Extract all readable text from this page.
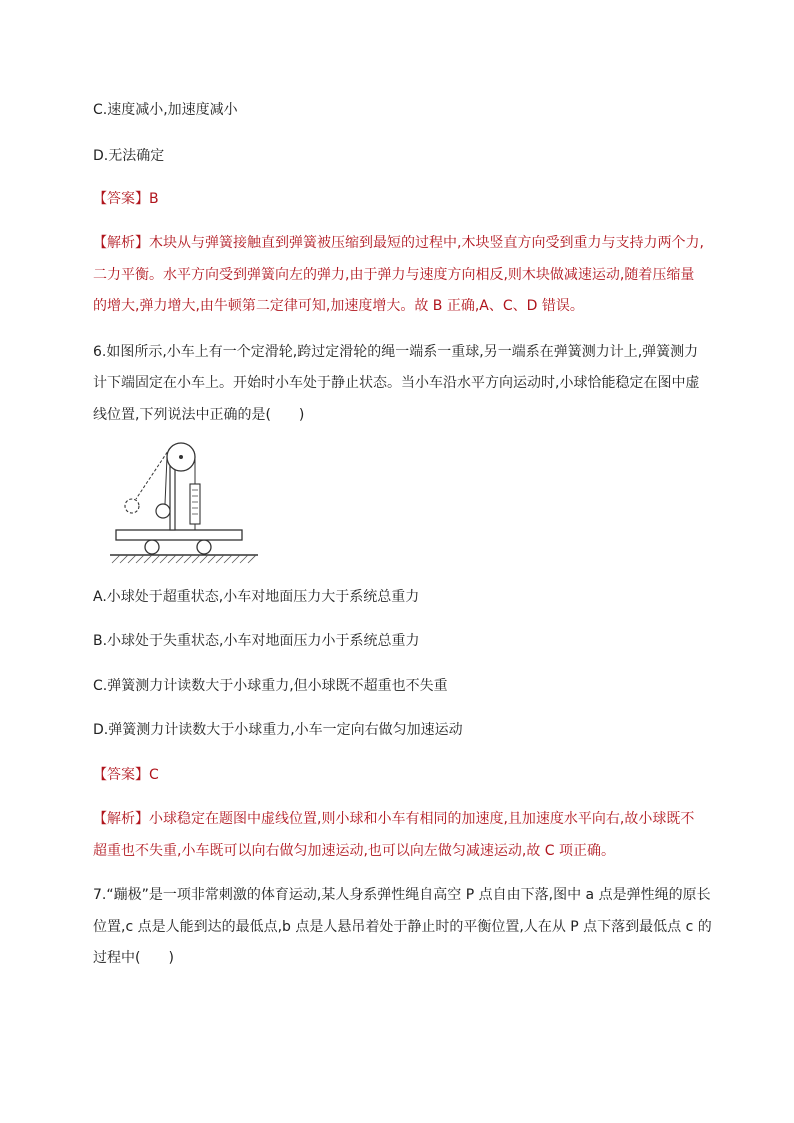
C.速度减小,加速度减小
D.无法确定
【答案】B
【解析】木块从与弹簧接触直到弹簧被压缩到最短的过程中,木块竖直方向受到重力与支持力两个力,
二力平衡。水平方向受到弹簧向左的弹力,由于弹力与速度方向相反,则木块做减速运动,随着压缩量
的增大,弹力增大,由牛顿第二定律可知,加速度增大。故 B 正确,A、C、D 错误。
6.如图所示,小车上有一个定滑轮,跨过定滑轮的绳一端系一重球,另一端系在弹簧测力计上,弹簧测力
计下端固定在小车上。开始时小车处于静止状态。当小车沿水平方向运动时,小球恰能稳定在图中虚
线位置,下列说法中正确的是(　　)
A.小球处于超重状态,小车对地面压力大于系统总重力
B.小球处于失重状态,小车对地面压力小于系统总重力
C.弹簧测力计读数大于小球重力,但小球既不超重也不失重
D.弹簧测力计读数大于小球重力,小车一定向右做匀加速运动
【答案】C
【解析】小球稳定在题图中虚线位置,则小球和小车有相同的加速度,且加速度水平向右,故小球既不
超重也不失重,小车既可以向右做匀加速运动,也可以向左做匀减速运动,故 C 项正确。
7.“蹦极”是一项非常刺激的体育运动,某人身系弹性绳自高空 P 点自由下落,图中 a 点是弹性绳的原长
位置,c 点是人能到达的最低点,b 点是人悬吊着处于静止时的平衡位置,人在从 P 点下落到最低点 c 的
过程中(　　)
